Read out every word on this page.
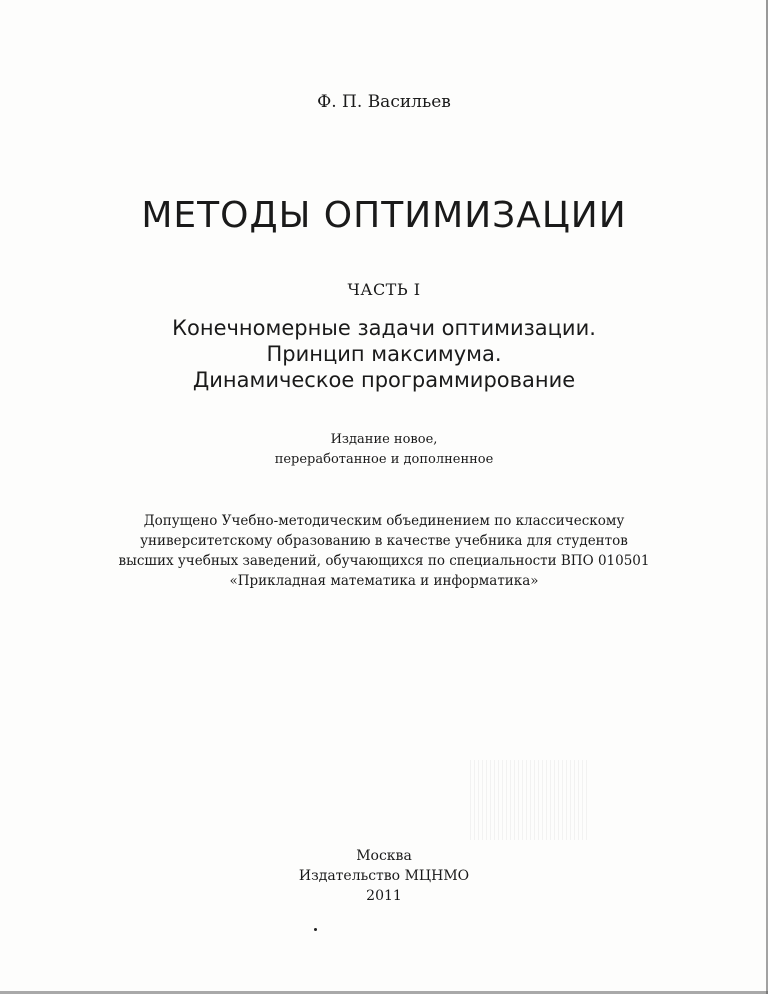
Ф. П. Васильев
МЕТОДЫ ОПТИМИЗАЦИИ
ЧАСТЬ I
Конечномерные задачи оптимизации.
Принцип максимума.
Динамическое программирование
Издание новое,
переработанное и дополненное
Допущено Учебно-методическим объединением по классическому
университетскому образованию в качестве учебника для студентов
высших учебных заведений, обучающихся по специальности ВПО 010501
«Прикладная математика и информатика»
Москва
Издательство МЦНМО
2011
